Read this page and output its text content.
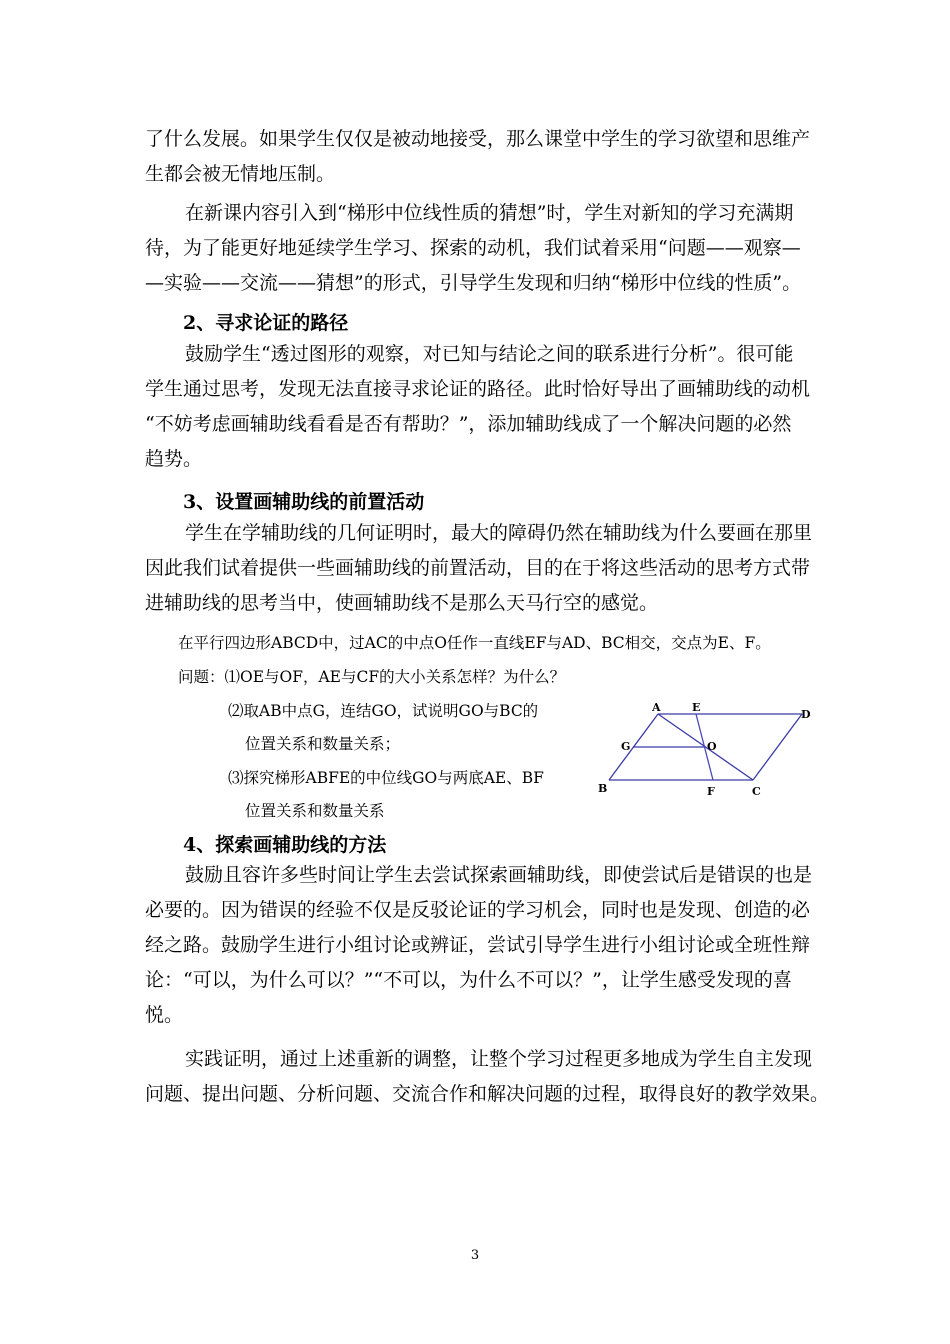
了什么发展。如果学生仅仅是被动地接受，那么课堂中学生的学习欲望和思维产
生都会被无情地压制。
在新课内容引入到“梯形中位线性质的猜想”时，学生对新知的学习充满期
待，为了能更好地延续学生学习、探索的动机，我们试着采用“问题——观察—
—实验——交流——猜想”的形式，引导学生发现和归纳“梯形中位线的性质”。

2、寻求论证的路径

鼓励学生“透过图形的观察，对已知与结论之间的联系进行分析”。很可能
学生通过思考，发现无法直接寻求论证的路径。此时恰好导出了画辅助线的动机
“不妨考虑画辅助线看看是否有帮助？”，添加辅助线成了一个解决问题的必然
趋势。

3、设置画辅助线的前置活动

学生在学辅助线的几何证明时，最大的障碍仍然在辅助线为什么要画在那里
因此我们试着提供一些画辅助线的前置活动，目的在于将这些活动的思考方式带
进辅助线的思考当中，使画辅助线不是那么天马行空的感觉。

在平行四边形ABCD中，过AC的中点O任作一直线EF与AD、BC相交，交点为E、F。

问题：⑴OE与OF，AE与CF的大小关系怎样？为什么？

⑵取AB中点G，连结GO，试说明GO与BC的

位置关系和数量关系；

⑶探究梯形ABFE的中位线GO与两底AE、BF

位置关系和数量关系

A	E
D
G	O
B	F	C

4、探索画辅助线的方法

鼓励且容许多些时间让学生去尝试探索画辅助线，即使尝试后是错误的也是
必要的。因为错误的经验不仅是反驳论证的学习机会，同时也是发现、创造的必
经之路。鼓励学生进行小组讨论或辨证，尝试引导学生进行小组讨论或全班性辩
论：“可以，为什么可以？”“不可以，为什么不可以？”，让学生感受发现的喜
悦。
实践证明，通过上述重新的调整，让整个学习过程更多地成为学生自主发现
问题、提出问题、分析问题、交流合作和解决问题的过程，取得良好的教学效果。
3
